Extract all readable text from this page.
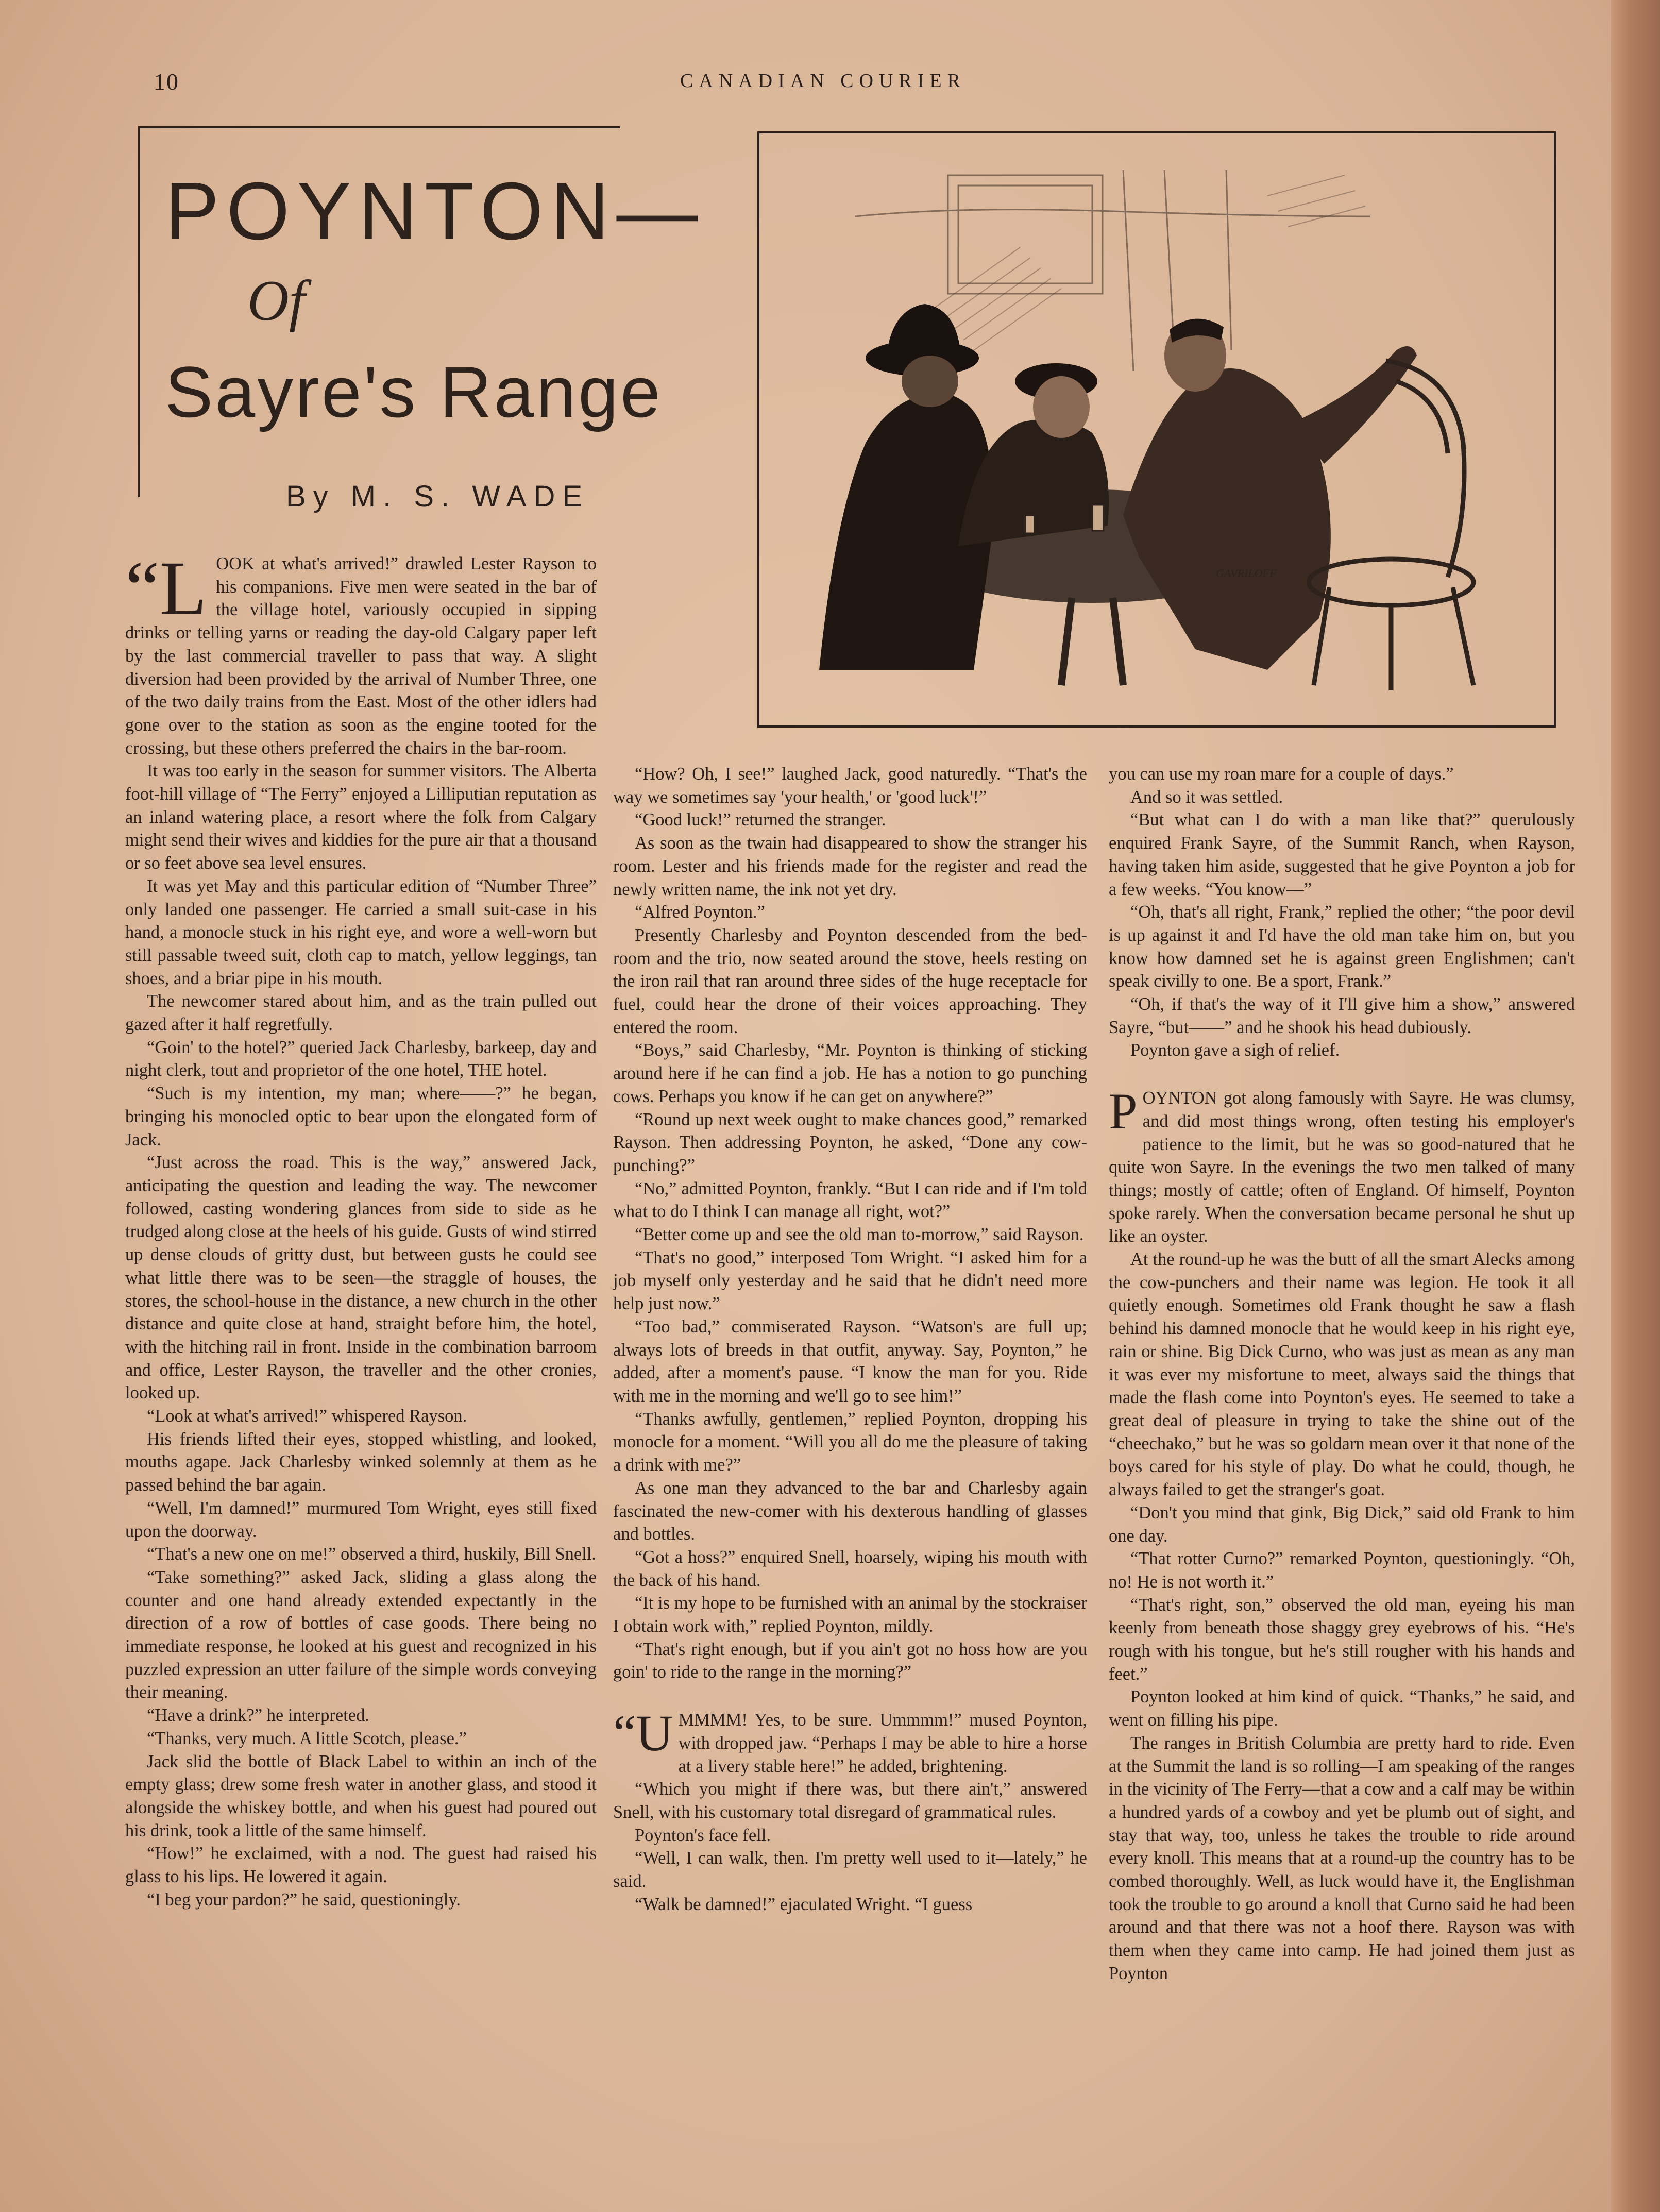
10	CANADIAN COURIER
POYNTON—
Of
Sayre's Range
By M. S. WADE
GAVRILOFF

“LOOK at what's arrived!” drawled Lester Rayson to his companions. Five men were seated in the bar of the village hotel, variously occupied in sipping drinks or telling yarns or reading the day-old Calgary paper left by the last commercial traveller to pass that way. A slight diversion had been provided by the arrival of Number Three, one of the two daily trains from the East. Most of the other idlers had gone over to the station as soon as the engine tooted for the crossing, but these others preferred the chairs in the bar-room.

It was too early in the season for summer visitors. The Alberta foot-hill village of “The Ferry” enjoyed a Lilliputian reputation as an inland watering place, a resort where the folk from Calgary might send their wives and kiddies for the pure air that a thousand or so feet above sea level ensures.

It was yet May and this particular edition of “Number Three” only landed one passenger. He carried a small suit-case in his hand, a monocle stuck in his right eye, and wore a well-worn but still passable tweed suit, cloth cap to match, yellow leggings, tan shoes, and a briar pipe in his mouth.

The newcomer stared about him, and as the train pulled out gazed after it half regretfully.

“Goin' to the hotel?” queried Jack Charlesby, barkeep, day and night clerk, tout and proprietor of the one hotel, THE hotel.

“Such is my intention, my man; where——?” he began, bringing his monocled optic to bear upon the elongated form of Jack.

“Just across the road. This is the way,” answered Jack, anticipating the question and leading the way. The newcomer followed, casting wondering glances from side to side as he trudged along close at the heels of his guide. Gusts of wind stirred up dense clouds of gritty dust, but between gusts he could see what little there was to be seen—the straggle of houses, the stores, the school-house in the distance, a new church in the other distance and quite close at hand, straight before him, the hotel, with the hitching rail in front. Inside in the combination barroom and office, Lester Rayson, the traveller and the other cronies, looked up.

“Look at what's arrived!” whispered Rayson.

His friends lifted their eyes, stopped whistling, and looked, mouths agape. Jack Charlesby winked solemnly at them as he passed behind the bar again.

“Well, I'm damned!” murmured Tom Wright, eyes still fixed upon the doorway.

“That's a new one on me!” observed a third, huskily, Bill Snell.

“Take something?” asked Jack, sliding a glass along the counter and one hand already extended expectantly in the direction of a row of bottles of case goods. There being no immediate response, he looked at his guest and recognized in his puzzled expression an utter failure of the simple words conveying their meaning.

“Have a drink?” he interpreted.

“Thanks, very much. A little Scotch, please.”

Jack slid the bottle of Black Label to within an inch of the empty glass; drew some fresh water in another glass, and stood it alongside the whiskey bottle, and when his guest had poured out his drink, took a little of the same himself.

“How!” he exclaimed, with a nod. The guest had raised his glass to his lips. He lowered it again.

“I beg your pardon?” he said, questioningly.

“How? Oh, I see!” laughed Jack, good naturedly. “That's the way we sometimes say 'your health,' or 'good luck'!”

“Good luck!” returned the stranger.

As soon as the twain had disappeared to show the stranger his room. Lester and his friends made for the register and read the newly written name, the ink not yet dry.

“Alfred Poynton.”

Presently Charlesby and Poynton descended from the bed-room and the trio, now seated around the stove, heels resting on the iron rail that ran around three sides of the huge receptacle for fuel, could hear the drone of their voices approaching. They entered the room.

“Boys,” said Charlesby, “Mr. Poynton is thinking of sticking around here if he can find a job. He has a notion to go punching cows. Perhaps you know if he can get on anywhere?”

“Round up next week ought to make chances good,” remarked Rayson. Then addressing Poynton, he asked, “Done any cow-punching?”

“No,” admitted Poynton, frankly. “But I can ride and if I'm told what to do I think I can manage all right, wot?”

“Better come up and see the old man to-morrow,” said Rayson.

“That's no good,” interposed Tom Wright. “I asked him for a job myself only yesterday and he said that he didn't need more help just now.”

“Too bad,” commiserated Rayson. “Watson's are full up; always lots of breeds in that outfit, anyway. Say, Poynton,” he added, after a moment's pause. “I know the man for you. Ride with me in the morning and we'll go to see him!”

“Thanks awfully, gentlemen,” replied Poynton, dropping his monocle for a moment. “Will you all do me the pleasure of taking a drink with me?”

As one man they advanced to the bar and Charlesby again fascinated the new-comer with his dexterous handling of glasses and bottles.

“Got a hoss?” enquired Snell, hoarsely, wiping his mouth with the back of his hand.

“It is my hope to be furnished with an animal by the stockraiser I obtain work with,” replied Poynton, mildly.

“That's right enough, but if you ain't got no hoss how are you goin' to ride to the range in the morning?”

“UMMMM! Yes, to be sure. Ummmm!” mused Poynton, with dropped jaw. “Perhaps I may be able to hire a horse at a livery stable here!” he added, brightening.

“Which you might if there was, but there ain't,” answered Snell, with his customary total disregard of grammatical rules.

Poynton's face fell.

“Well, I can walk, then. I'm pretty well used to it—lately,” he said.

“Walk be damned!” ejaculated Wright. “I guess

you can use my roan mare for a couple of days.”

And so it was settled.

“But what can I do with a man like that?” querulously enquired Frank Sayre, of the Summit Ranch, when Rayson, having taken him aside, suggested that he give Poynton a job for a few weeks. “You know—”

“Oh, that's all right, Frank,” replied the other; “the poor devil is up against it and I'd have the old man take him on, but you know how damned set he is against green Englishmen; can't speak civilly to one. Be a sport, Frank.”

“Oh, if that's the way of it I'll give him a show,” answered Sayre, “but——” and he shook his head dubiously.

Poynton gave a sigh of relief.

POYNTON got along famously with Sayre. He was clumsy, and did most things wrong, often testing his employer's patience to the limit, but he was so good-natured that he quite won Sayre. In the evenings the two men talked of many things; mostly of cattle; often of England. Of himself, Poynton spoke rarely. When the conversation became personal he shut up like an oyster.

At the round-up he was the butt of all the smart Alecks among the cow-punchers and their name was legion. He took it all quietly enough. Sometimes old Frank thought he saw a flash behind his damned monocle that he would keep in his right eye, rain or shine. Big Dick Curno, who was just as mean as any man it was ever my misfortune to meet, always said the things that made the flash come into Poynton's eyes. He seemed to take a great deal of pleasure in trying to take the shine out of the “cheechako,” but he was so goldarn mean over it that none of the boys cared for his style of play. Do what he could, though, he always failed to get the stranger's goat.

“Don't you mind that gink, Big Dick,” said old Frank to him one day.

“That rotter Curno?” remarked Poynton, questioningly. “Oh, no! He is not worth it.”

“That's right, son,” observed the old man, eyeing his man keenly from beneath those shaggy grey eyebrows of his. “He's rough with his tongue, but he's still rougher with his hands and feet.”

Poynton looked at him kind of quick. “Thanks,” he said, and went on filling his pipe.

The ranges in British Columbia are pretty hard to ride. Even at the Summit the land is so rolling—I am speaking of the ranges in the vicinity of The Ferry—that a cow and a calf may be within a hundred yards of a cowboy and yet be plumb out of sight, and stay that way, too, unless he takes the trouble to ride around every knoll. This means that at a round-up the country has to be combed thoroughly. Well, as luck would have it, the Englishman took the trouble to go around a knoll that Curno said he had been around and that there was not a hoof there. Rayson was with them when they came into camp. He had joined them just as Poynton
